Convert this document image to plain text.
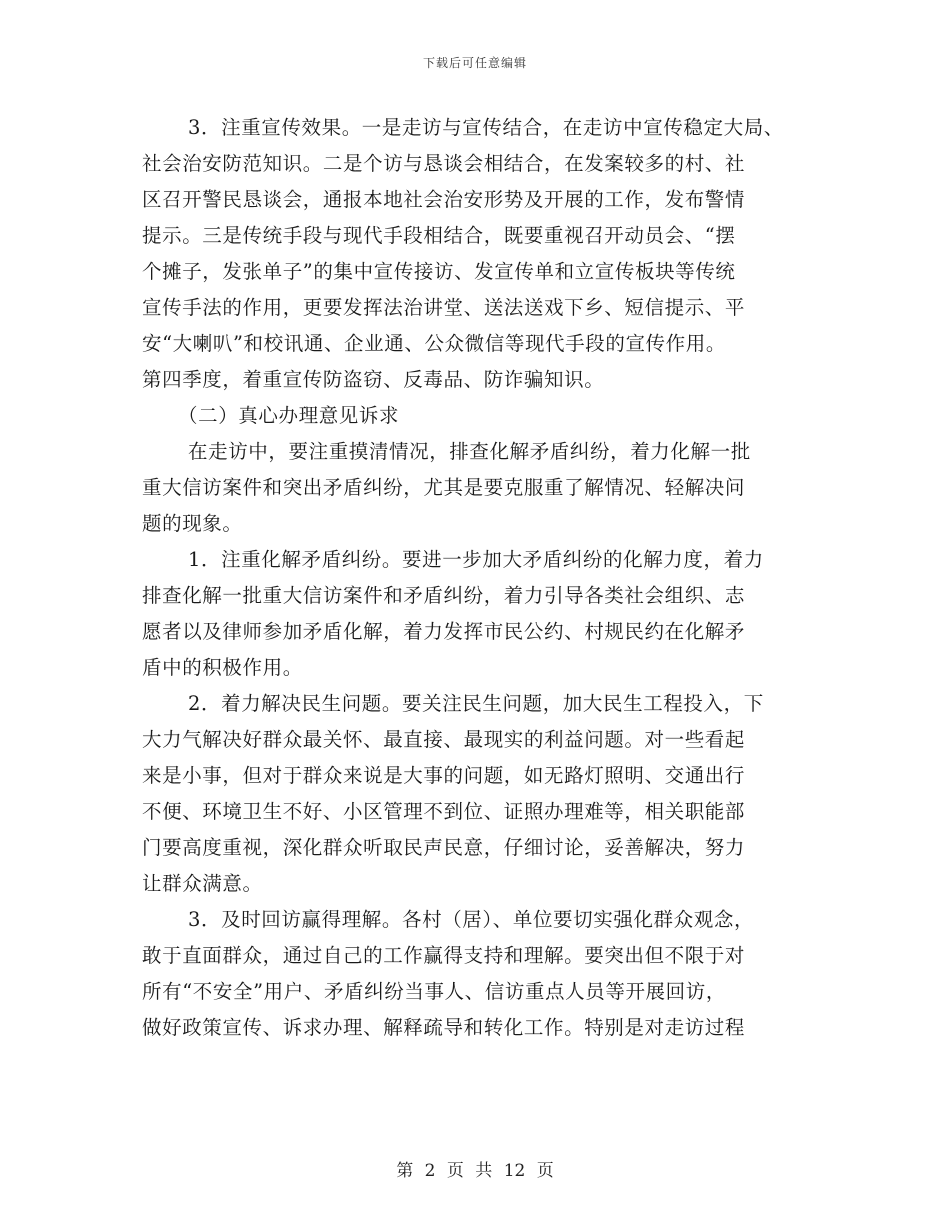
下载后可任意编辑
3．注重宣传效果。一是走访与宣传结合，在走访中宣传稳定大局、
社会治安防范知识。二是个访与恳谈会相结合，在发案较多的村、社
区召开警民恳谈会，通报本地社会治安形势及开展的工作，发布警情
提示。三是传统手段与现代手段相结合，既要重视召开动员会、“摆
个摊子，发张单子”的集中宣传接访、发宣传单和立宣传板块等传统
宣传手法的作用，更要发挥法治讲堂、送法送戏下乡、短信提示、平
安“大喇叭”和校讯通、企业通、公众微信等现代手段的宣传作用。
第四季度，着重宣传防盗窃、反毒品、防诈骗知识。
（二）真心办理意见诉求
在走访中，要注重摸清情况，排查化解矛盾纠纷，着力化解一批
重大信访案件和突出矛盾纠纷，尤其是要克服重了解情况、轻解决问
题的现象。
1．注重化解矛盾纠纷。要进一步加大矛盾纠纷的化解力度，着力
排查化解一批重大信访案件和矛盾纠纷，着力引导各类社会组织、志
愿者以及律师参加矛盾化解，着力发挥市民公约、村规民约在化解矛
盾中的积极作用。
2．着力解决民生问题。要关注民生问题，加大民生工程投入，下
大力气解决好群众最关怀、最直接、最现实的利益问题。对一些看起
来是小事，但对于群众来说是大事的问题，如无路灯照明、交通出行
不便、环境卫生不好、小区管理不到位、证照办理难等，相关职能部
门要高度重视，深化群众听取民声民意，仔细讨论，妥善解决，努力
让群众满意。
3．及时回访赢得理解。各村（居）、单位要切实强化群众观念，
敢于直面群众，通过自己的工作赢得支持和理解。要突出但不限于对
所有“不安全”用户、矛盾纠纷当事人、信访重点人员等开展回访，
做好政策宣传、诉求办理、解释疏导和转化工作。特别是对走访过程
第 2 页 共 12 页
